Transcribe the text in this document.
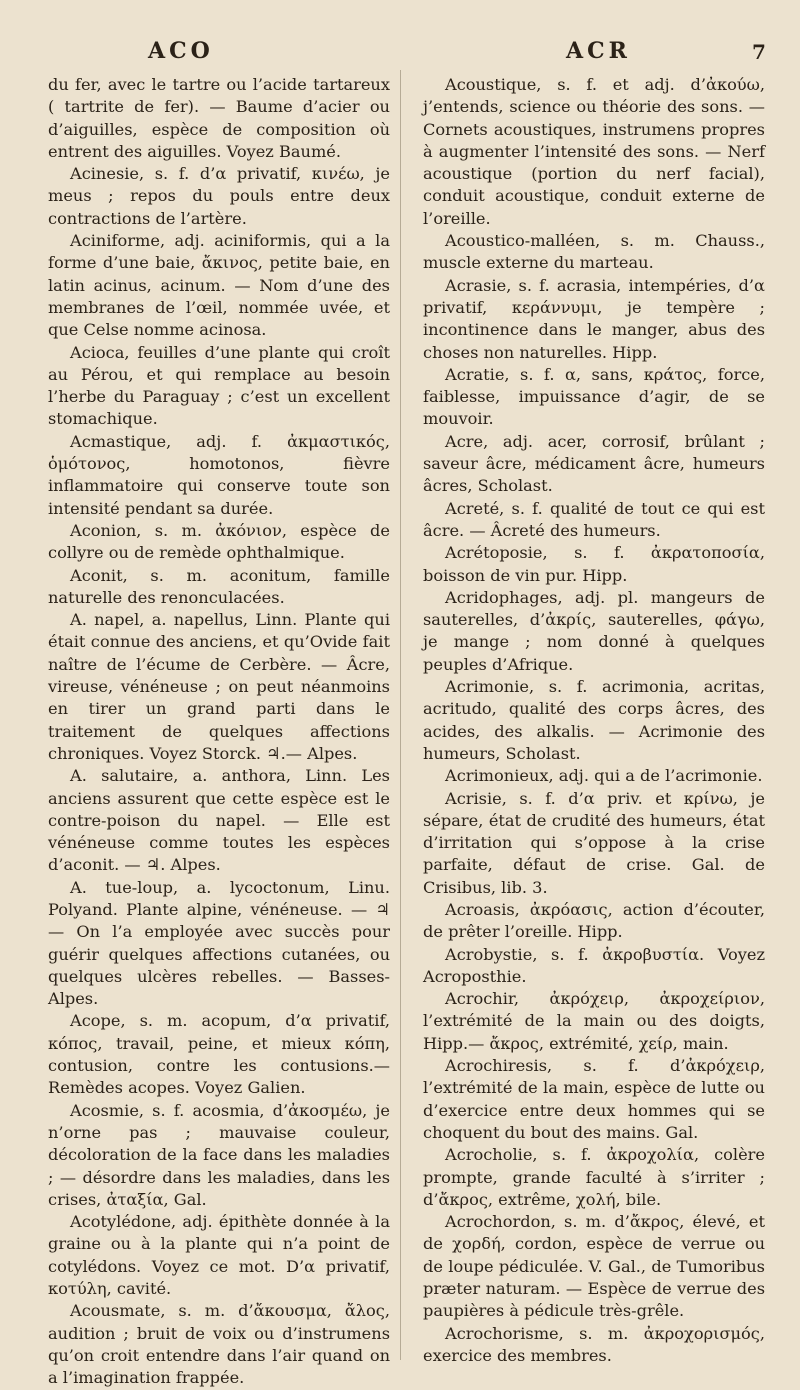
ACO	ACR	7

du fer, avec le tartre ou l’acide tartareux ( tartrite de fer). — Baume d’acier ou d’aiguilles, espèce de composition où entrent des aiguilles. Voyez Baumé.

Acinesie, s. f. d’α privatif, κινέω, je meus ; repos du pouls entre deux contractions de l’artère.

Aciniforme, adj. aciniformis, qui a la forme d’une baie, ἄκινος, petite baie, en latin acinus, acinum. — Nom d’une des membranes de l’œil, nommée uvée, et que Celse nomme acinosa.

Acioca, feuilles d’une plante qui croît au Pérou, et qui remplace au besoin l’herbe du Paraguay ; c’est un excellent stomachique.

Acmastique, adj. f. ἀκμαστικός, ὁμότονος, homotonos, fièvre inflammatoire qui conserve toute son intensité pendant sa durée.

Aconion, s. m. ἀκόνιον, espèce de collyre ou de remède ophthalmique.

Aconit, s. m. aconitum, famille naturelle des renonculacées.

A. napel, a. napellus, Linn. Plante qui était connue des anciens, et qu’Ovide fait naître de l’écume de Cerbère. — Âcre, vireuse, vénéneuse ; on peut néanmoins en tirer un grand parti dans le traitement de quelques affections chroniques. Voyez Storck. ♃.— Alpes.

A. salutaire, a. anthora, Linn. Les anciens assurent que cette espèce est le contre-poison du napel. — Elle est vénéneuse comme toutes les espèces d’aconit. — ♃. Alpes.

A. tue-loup, a. lycoctonum, Linu. Polyand. Plante alpine, vénéneuse. — ♃ — On l’a employée avec succès pour guérir quelques affections cutanées, ou quelques ulcères rebelles. — Basses-Alpes.

Acope, s. m. acopum, d’α privatif, κόπος, travail, peine, et mieux κόπη, contusion, contre les contusions.—Remèdes acopes. Voyez Galien.

Acosmie, s. f. acosmia, d’ἀκοσμέω, je n’orne pas ; mauvaise couleur, décoloration de la face dans les maladies ; — désordre dans les maladies, dans les crises, ἀταξία, Gal.

Acotylédone, adj. épithète donnée à la graine ou à la plante qui n’a point de cotylédons. Voyez ce mot. D’α privatif, κοτύλη, cavité.

Acousmate, s. m. d’ἄκουσμα, ἄλος, audition ; bruit de voix ou d’instrumens qu’on croit entendre dans l’air quand on a l’imagination frappée.

Acoustique, s. f. et adj. d’ἀκούω, j’entends, science ou théorie des sons. — Cornets acoustiques, instrumens propres à augmenter l’intensité des sons. — Nerf acoustique (portion du nerf facial), conduit acoustique, conduit externe de l’oreille.

Acoustico-malléen, s. m. Chauss., muscle externe du marteau.

Acrasie, s. f. acrasia, intempéries, d’α privatif, κεράννυμι, je tempère ; incontinence dans le manger, abus des choses non naturelles. Hipp.

Acratie, s. f. α, sans, κράτος, force, faiblesse, impuissance d’agir, de se mouvoir.

Acre, adj. acer, corrosif, brûlant ; saveur âcre, médicament âcre, humeurs âcres, Scholast.

Acreté, s. f. qualité de tout ce qui est âcre. — Âcreté des humeurs.

Acrétoposie, s. f. ἀκρατοποσία, boisson de vin pur. Hipp.

Acridophages, adj. pl. mangeurs de sauterelles, d’ἀκρίς, sauterelles, φάγω, je mange ; nom donné à quelques peuples d’Afrique.

Acrimonie, s. f. acrimonia, acritas, acritudo, qualité des corps âcres, des acides, des alkalis. — Acrimonie des humeurs, Scholast.

Acrimonieux, adj. qui a de l’acrimonie.

Acrisie, s. f. d’α priv. et κρίνω, je sépare, état de crudité des humeurs, état d’irritation qui s’oppose à la crise parfaite, défaut de crise. Gal. de Crisibus, lib. 3.

Acroasis, ἀκρόασις, action d’écouter, de prêter l’oreille. Hipp.

Acrobystie, s. f. ἀκροβυστία. Voyez Acroposthie.

Acrochir, ἀκρόχειρ, ἀκροχείριον, l’extrémité de la main ou des doigts, Hipp.— ἄκρος, extrémité, χείρ, main.

Acrochiresis, s. f. d’ἀκρόχειρ, l’extrémité de la main, espèce de lutte ou d’exercice entre deux hommes qui se choquent du bout des mains. Gal.

Acrocholie, s. f. ἀκροχολία, colère prompte, grande faculté à s’irriter ; d’ἄκρος, extrême, χολή, bile.

Acrochordon, s. m. d’ἄκρος, élevé, et de χορδή, cordon, espèce de verrue ou de loupe pédiculée. V. Gal., de Tumoribus præter naturam. — Espèce de verrue des paupières à pédicule très-grêle.

Acrochorisme, s. m. ἀκροχορισμός, exercice des membres.
